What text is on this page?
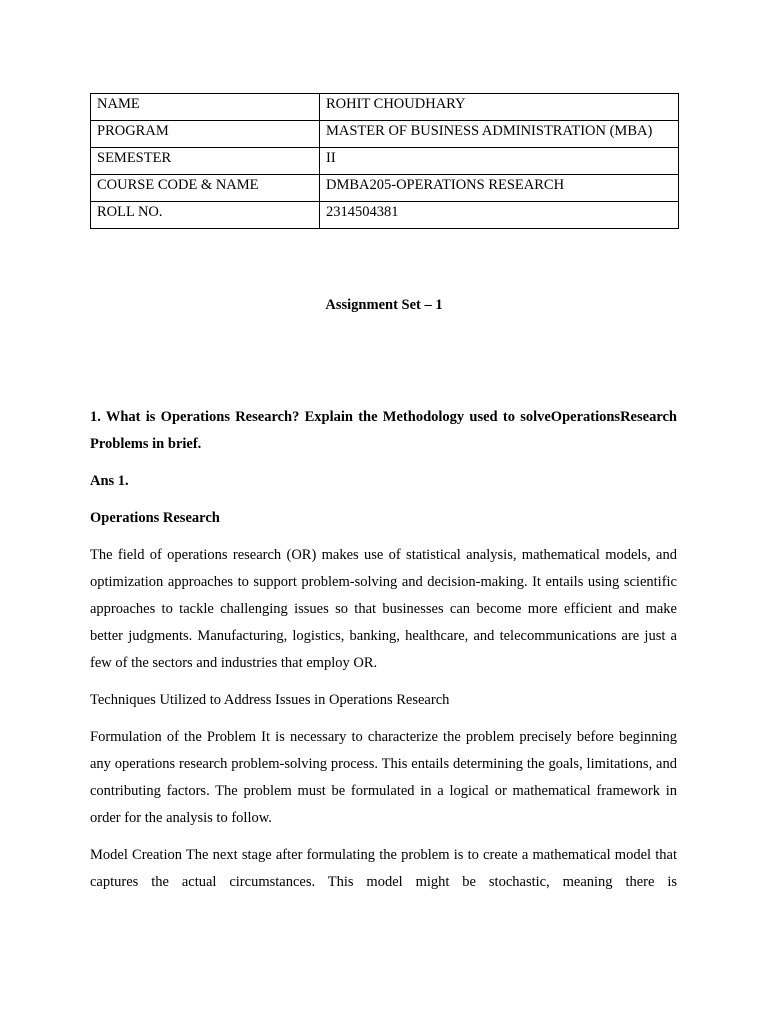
NAME	ROHIT CHOUDHARY
PROGRAM	MASTER OF BUSINESS ADMINISTRATION (MBA)
SEMESTER	II
COURSE CODE & NAME	DMBA205-OPERATIONS RESEARCH
ROLL NO.	2314504381
Assignment Set – 1

1. What is Operations Research? Explain the Methodology used to solveOperationsResearch Problems in brief.

Ans 1.

Operations Research

The field of operations research (OR) makes use of statistical analysis, mathematical models, and optimization approaches to support problem-solving and decision-making. It entails using scientific approaches to tackle challenging issues so that businesses can become more efficient and make better judgments. Manufacturing, logistics, banking, healthcare, and telecommunications are just a few of the sectors and industries that employ OR.

Techniques Utilized to Address Issues in Operations Research

Formulation of the Problem It is necessary to characterize the problem precisely before beginning any operations research problem-solving process. This entails determining the goals, limitations, and contributing factors. The problem must be formulated in a logical or mathematical framework in order for the analysis to follow.

Model Creation The next stage after formulating the problem is to create a mathematical model that captures the actual circumstances. This model might be stochastic, meaning there is
